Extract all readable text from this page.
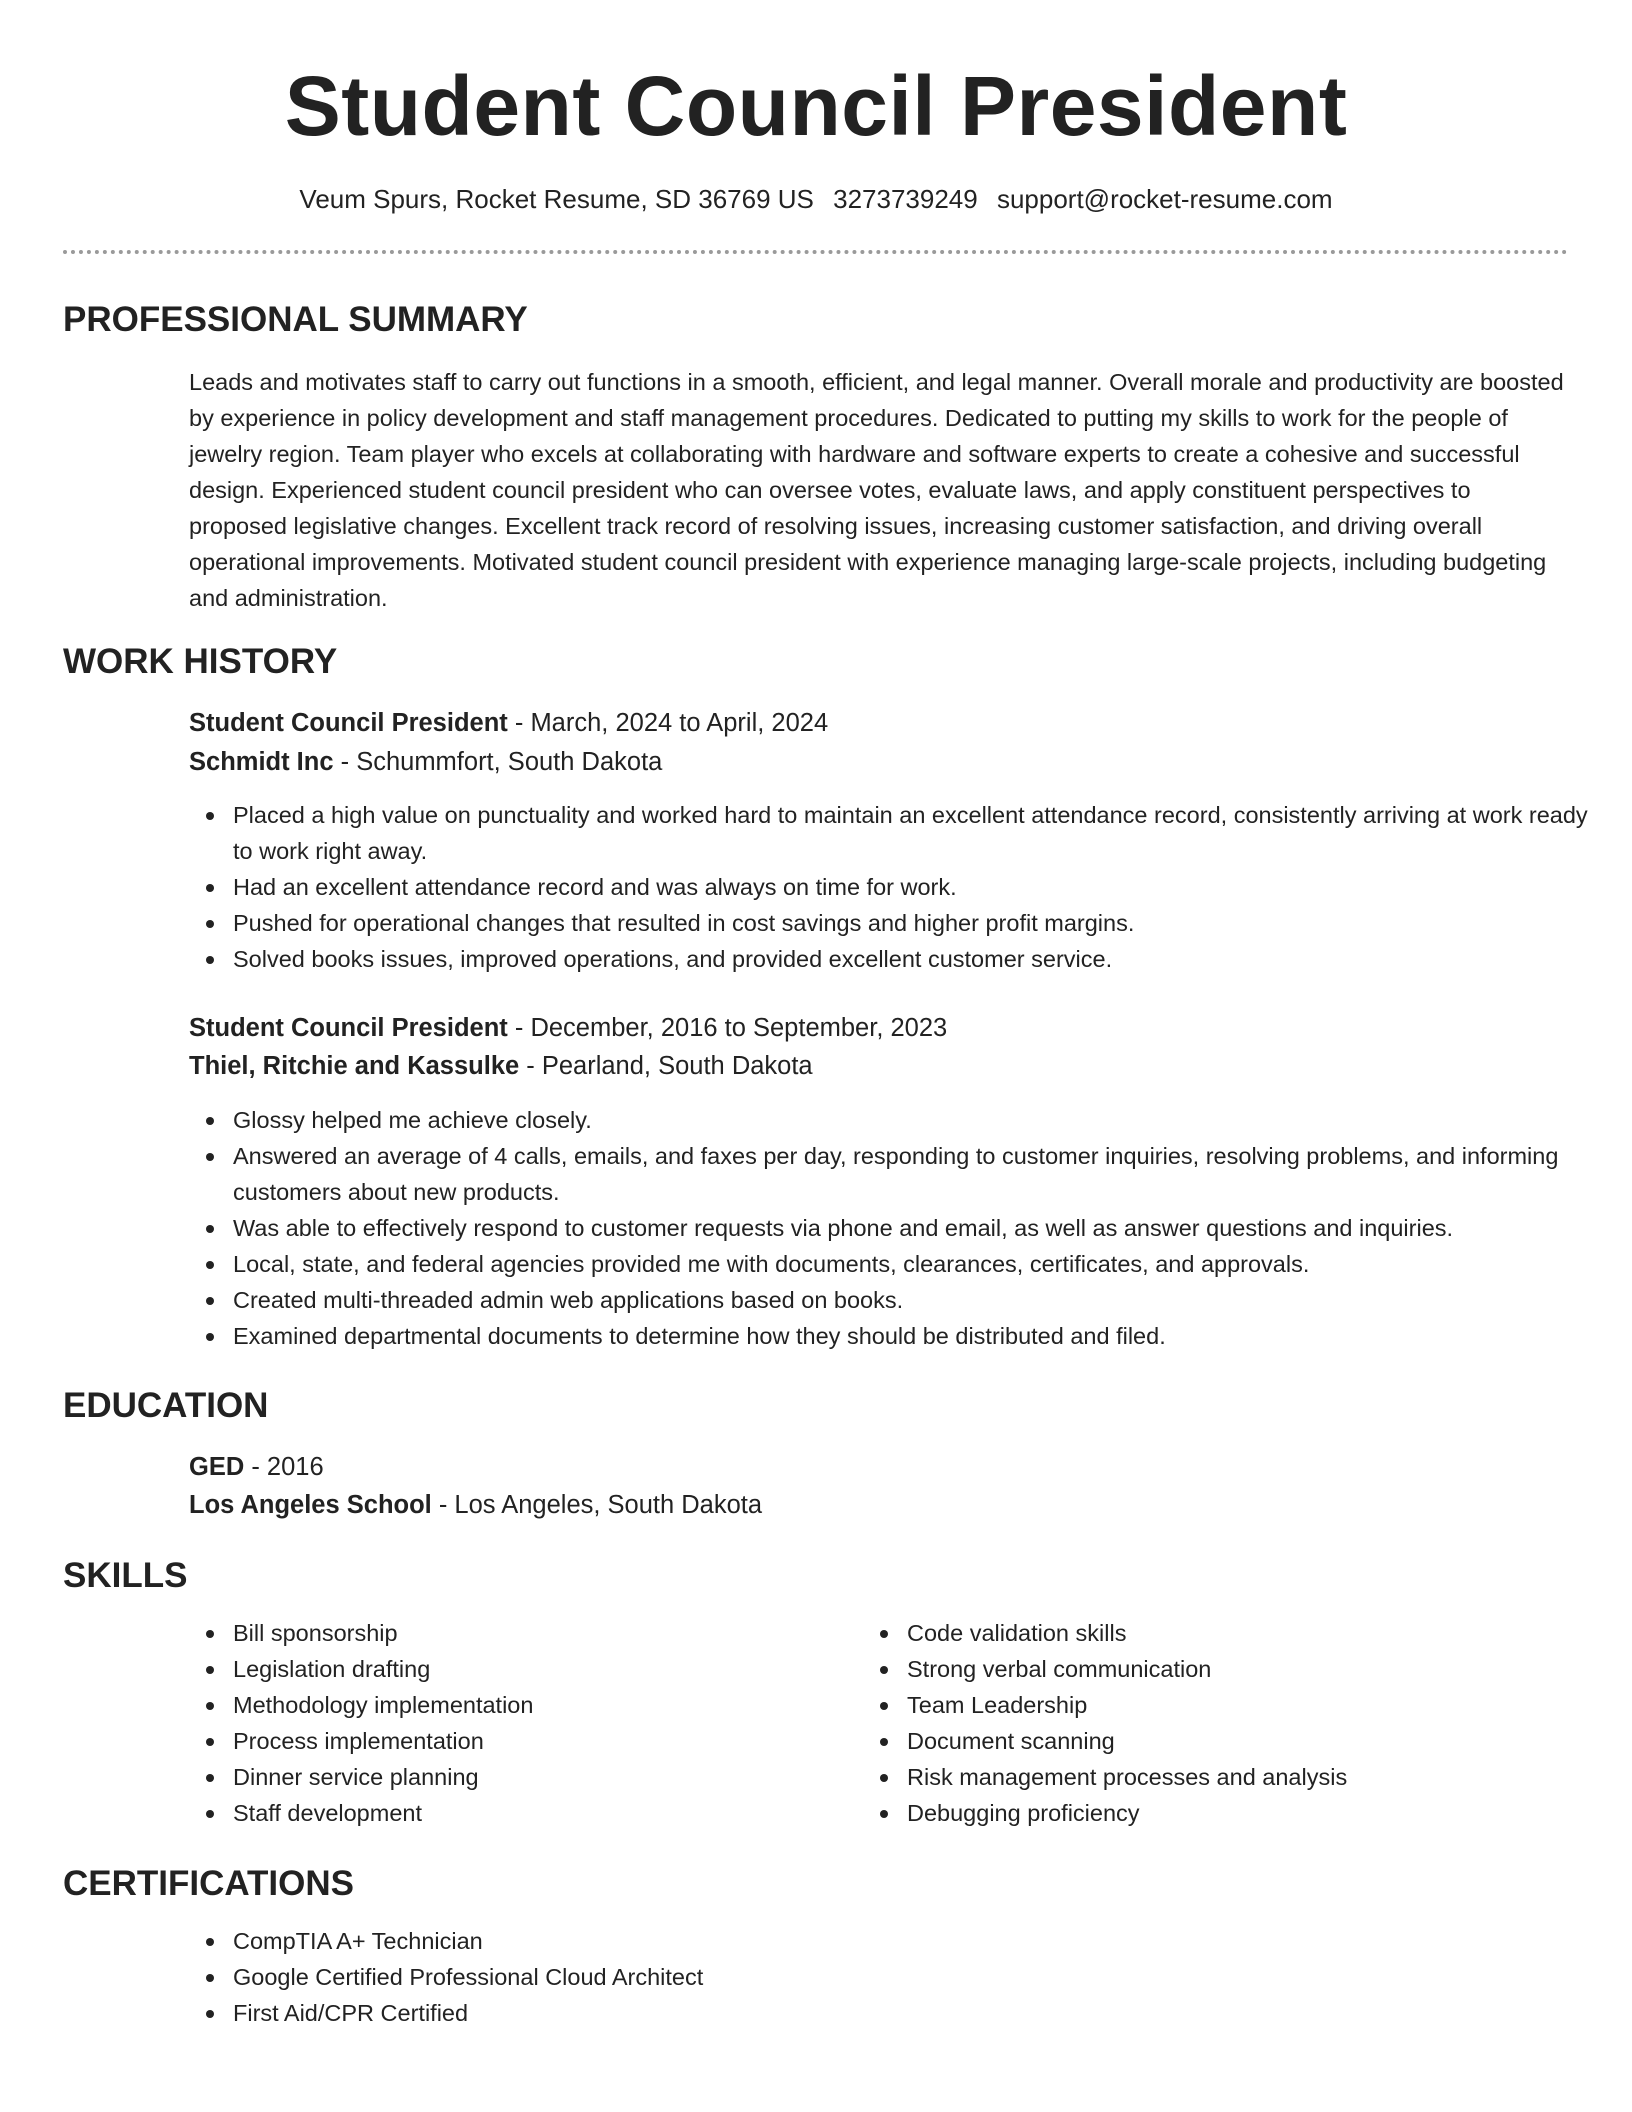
Student Council President
Veum Spurs, Rocket Resume, SD 36769 US 3273739249 support@rocket-resume.com
PROFESSIONAL SUMMARY

Leads and motivates staff to carry out functions in a smooth, efficient, and legal manner. Overall morale and productivity are boosted by experience in policy development and staff management procedures. Dedicated to putting my skills to work for the people of jewelry region. Team player who excels at collaborating with hardware and software experts to create a cohesive and successful design. Experienced student council president who can oversee votes, evaluate laws, and apply constituent perspectives to proposed legislative changes. Excellent track record of resolving issues, increasing customer satisfaction, and driving overall operational improvements. Motivated student council president with experience managing large-scale projects, including budgeting and administration.

WORK HISTORY
Student Council President - March, 2024 to April, 2024
Schmidt Inc - Schummfort, South Dakota
Placed a high value on punctuality and worked hard to maintain an excellent attendance record, consistently arriving at work ready to work right away.
Had an excellent attendance record and was always on time for work.
Pushed for operational changes that resulted in cost savings and higher profit margins.
Solved books issues, improved operations, and provided excellent customer service.
Student Council President - December, 2016 to September, 2023
Thiel, Ritchie and Kassulke - Pearland, South Dakota
Glossy helped me achieve closely.
Answered an average of 4 calls, emails, and faxes per day, responding to customer inquiries, resolving problems, and informing customers about new products.
Was able to effectively respond to customer requests via phone and email, as well as answer questions and inquiries.
Local, state, and federal agencies provided me with documents, clearances, certificates, and approvals.
Created multi-threaded admin web applications based on books.
Examined departmental documents to determine how they should be distributed and filed.
EDUCATION
GED - 2016
Los Angeles School - Los Angeles, South Dakota
SKILLS
Bill sponsorship
Legislation drafting
Methodology implementation
Process implementation
Dinner service planning
Staff development
Code validation skills
Strong verbal communication
Team Leadership
Document scanning
Risk management processes and analysis
Debugging proficiency
CERTIFICATIONS
CompTIA A+ Technician
Google Certified Professional Cloud Architect
First Aid/CPR Certified
